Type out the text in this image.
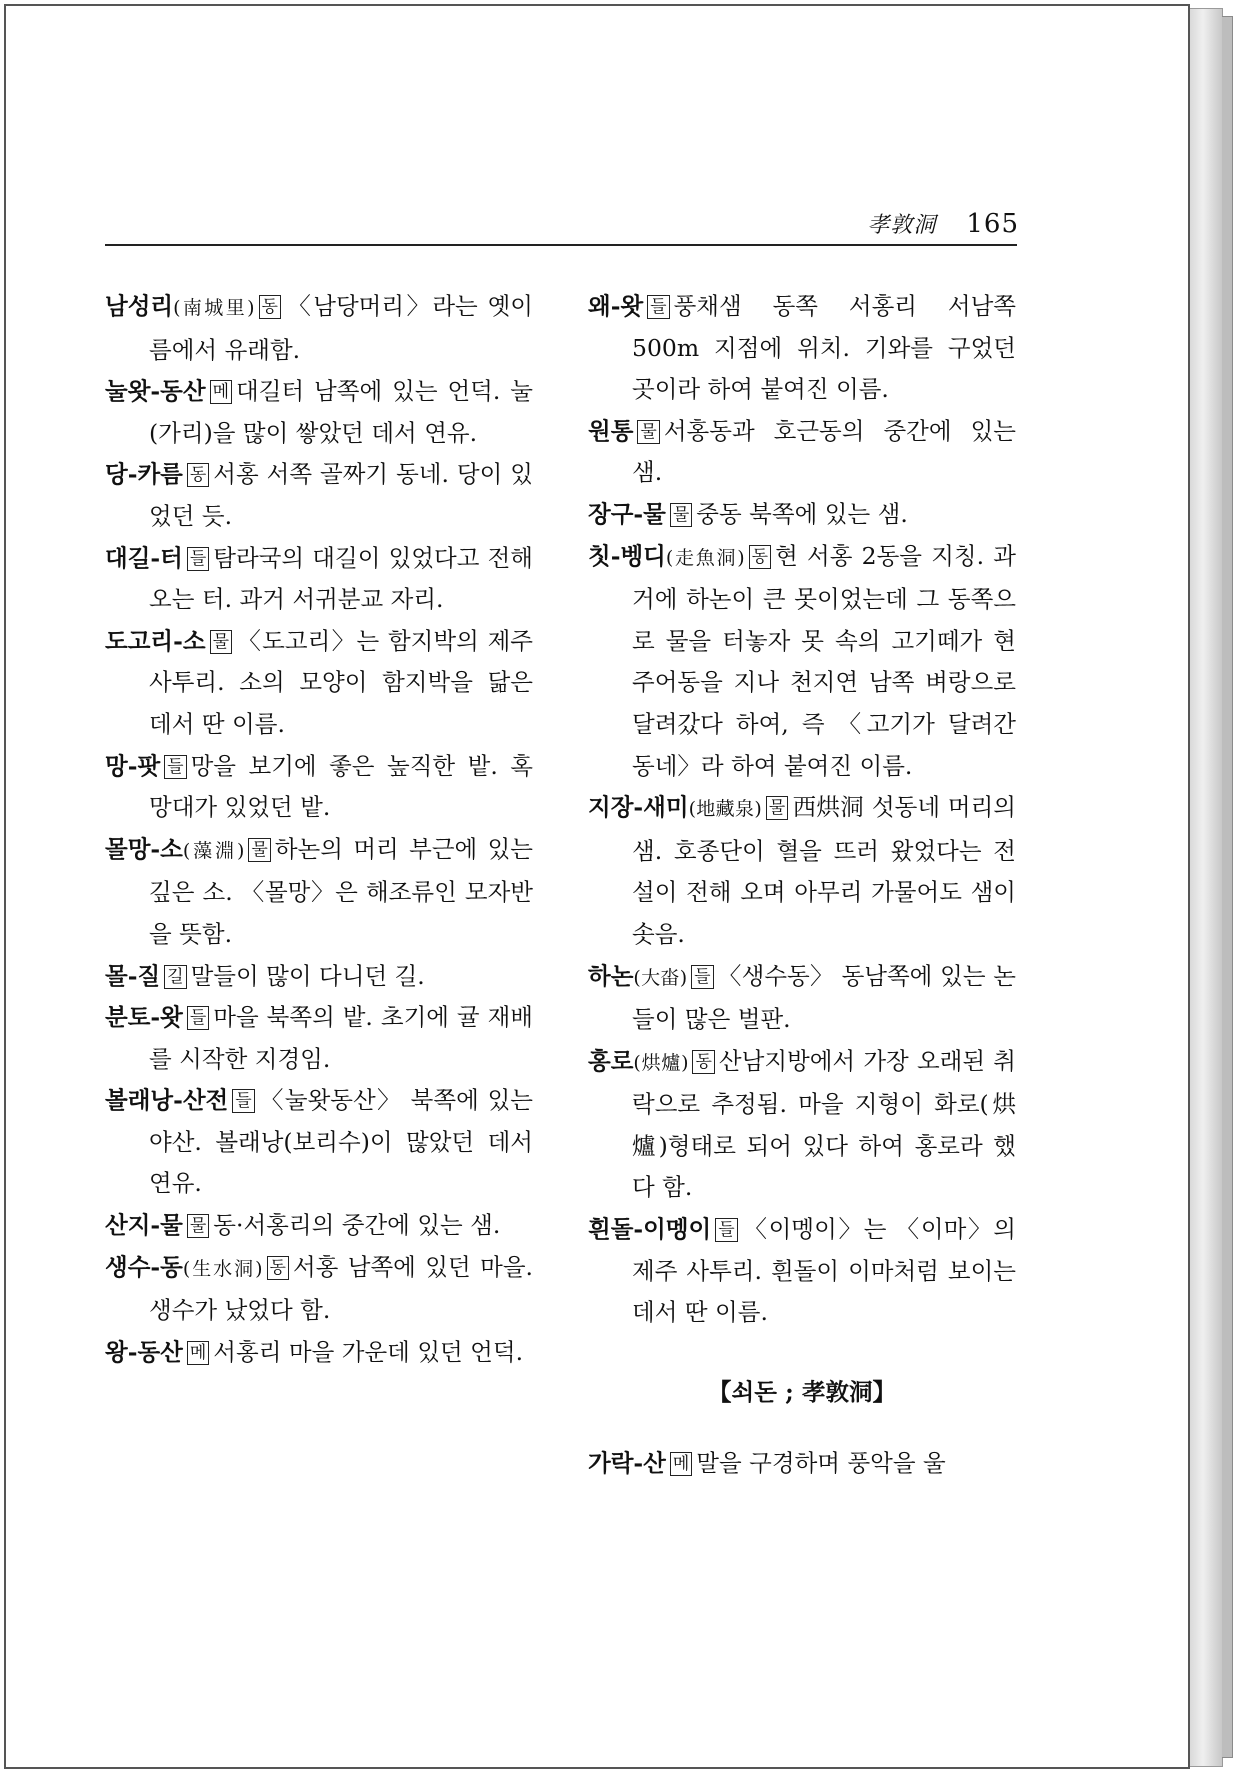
孝敦洞 165

남성리(南城里) 동 〈남당머리〉라는 옛이름에서 유래함.

눌왓-동산 메 대길터 남쪽에 있는 언덕. 눌(가리)을 많이 쌓았던 데서 연유.

당-카름 동 서홍 서쪽 골짜기 동네. 당이 있었던 듯.

대길-터 들 탐라국의 대길이 있었다고 전해 오는 터. 과거 서귀분교 자리.

도고리-소 물 〈도고리〉는 함지박의 제주 사투리. 소의 모양이 함지박을 닮은 데서 딴 이름.

망-팟 들 망을 보기에 좋은 높직한 밭. 혹 망대가 있었던 밭.

몰망-소(藻淵) 물 하논의 머리 부근에 있는 깊은 소. 〈몰망〉은 해조류인 모자반을 뜻함.

몰-질 길 말들이 많이 다니던 길.

분토-왓 들 마을 북쪽의 밭. 초기에 귤 재배를 시작한 지경임.

볼래낭-산전 들 〈눌왓동산〉 북쪽에 있는 야산. 볼래낭(보리수)이 많았던 데서 연유.

산지-물 물 동·서홍리의 중간에 있는 샘.

생수-동(生水洞) 동 서홍 남쪽에 있던 마을. 생수가 났었다 함.

왕-동산 메 서홍리 마을 가운데 있던 언덕.

왜-왓 들 풍채샘 동쪽 서홍리 서남쪽 500m 지점에 위치. 기와를 구었던 곳이라 하여 붙여진 이름.

원통 물 서홍동과 호근동의 중간에 있는 샘.

장구-물 물 중동 북쪽에 있는 샘.

칫-벵디(走魚洞) 동 현 서홍 2동을 지칭. 과거에 하논이 큰 못이었는데 그 동쪽으로 물을 터놓자 못 속의 고기떼가 현 주어동을 지나 천지연 남쪽 벼랑으로 달려갔다 하여, 즉 〈고기가 달려간 동네〉라 하여 붙여진 이름.

지장-새미(地藏泉) 물 西烘洞 섯동네 머리의 샘. 호종단이 혈을 뜨러 왔었다는 전설이 전해 오며 아무리 가물어도 샘이 솟음.

하논(大畓) 들 〈생수동〉 동남쪽에 있는 논들이 많은 벌판.

홍로(烘爐) 동 산남지방에서 가장 오래된 취락으로 추정됨. 마을 지형이 화로(烘爐)형태로 되어 있다 하여 홍로라 했다 함.

흰돌-이멩이 들 〈이멩이〉는 〈이마〉의 제주 사투리. 흰돌이 이마처럼 보이는 데서 딴 이름.

【쇠돈 ; 孝敦洞】

가락-산 메 말을 구경하며 풍악을 울
